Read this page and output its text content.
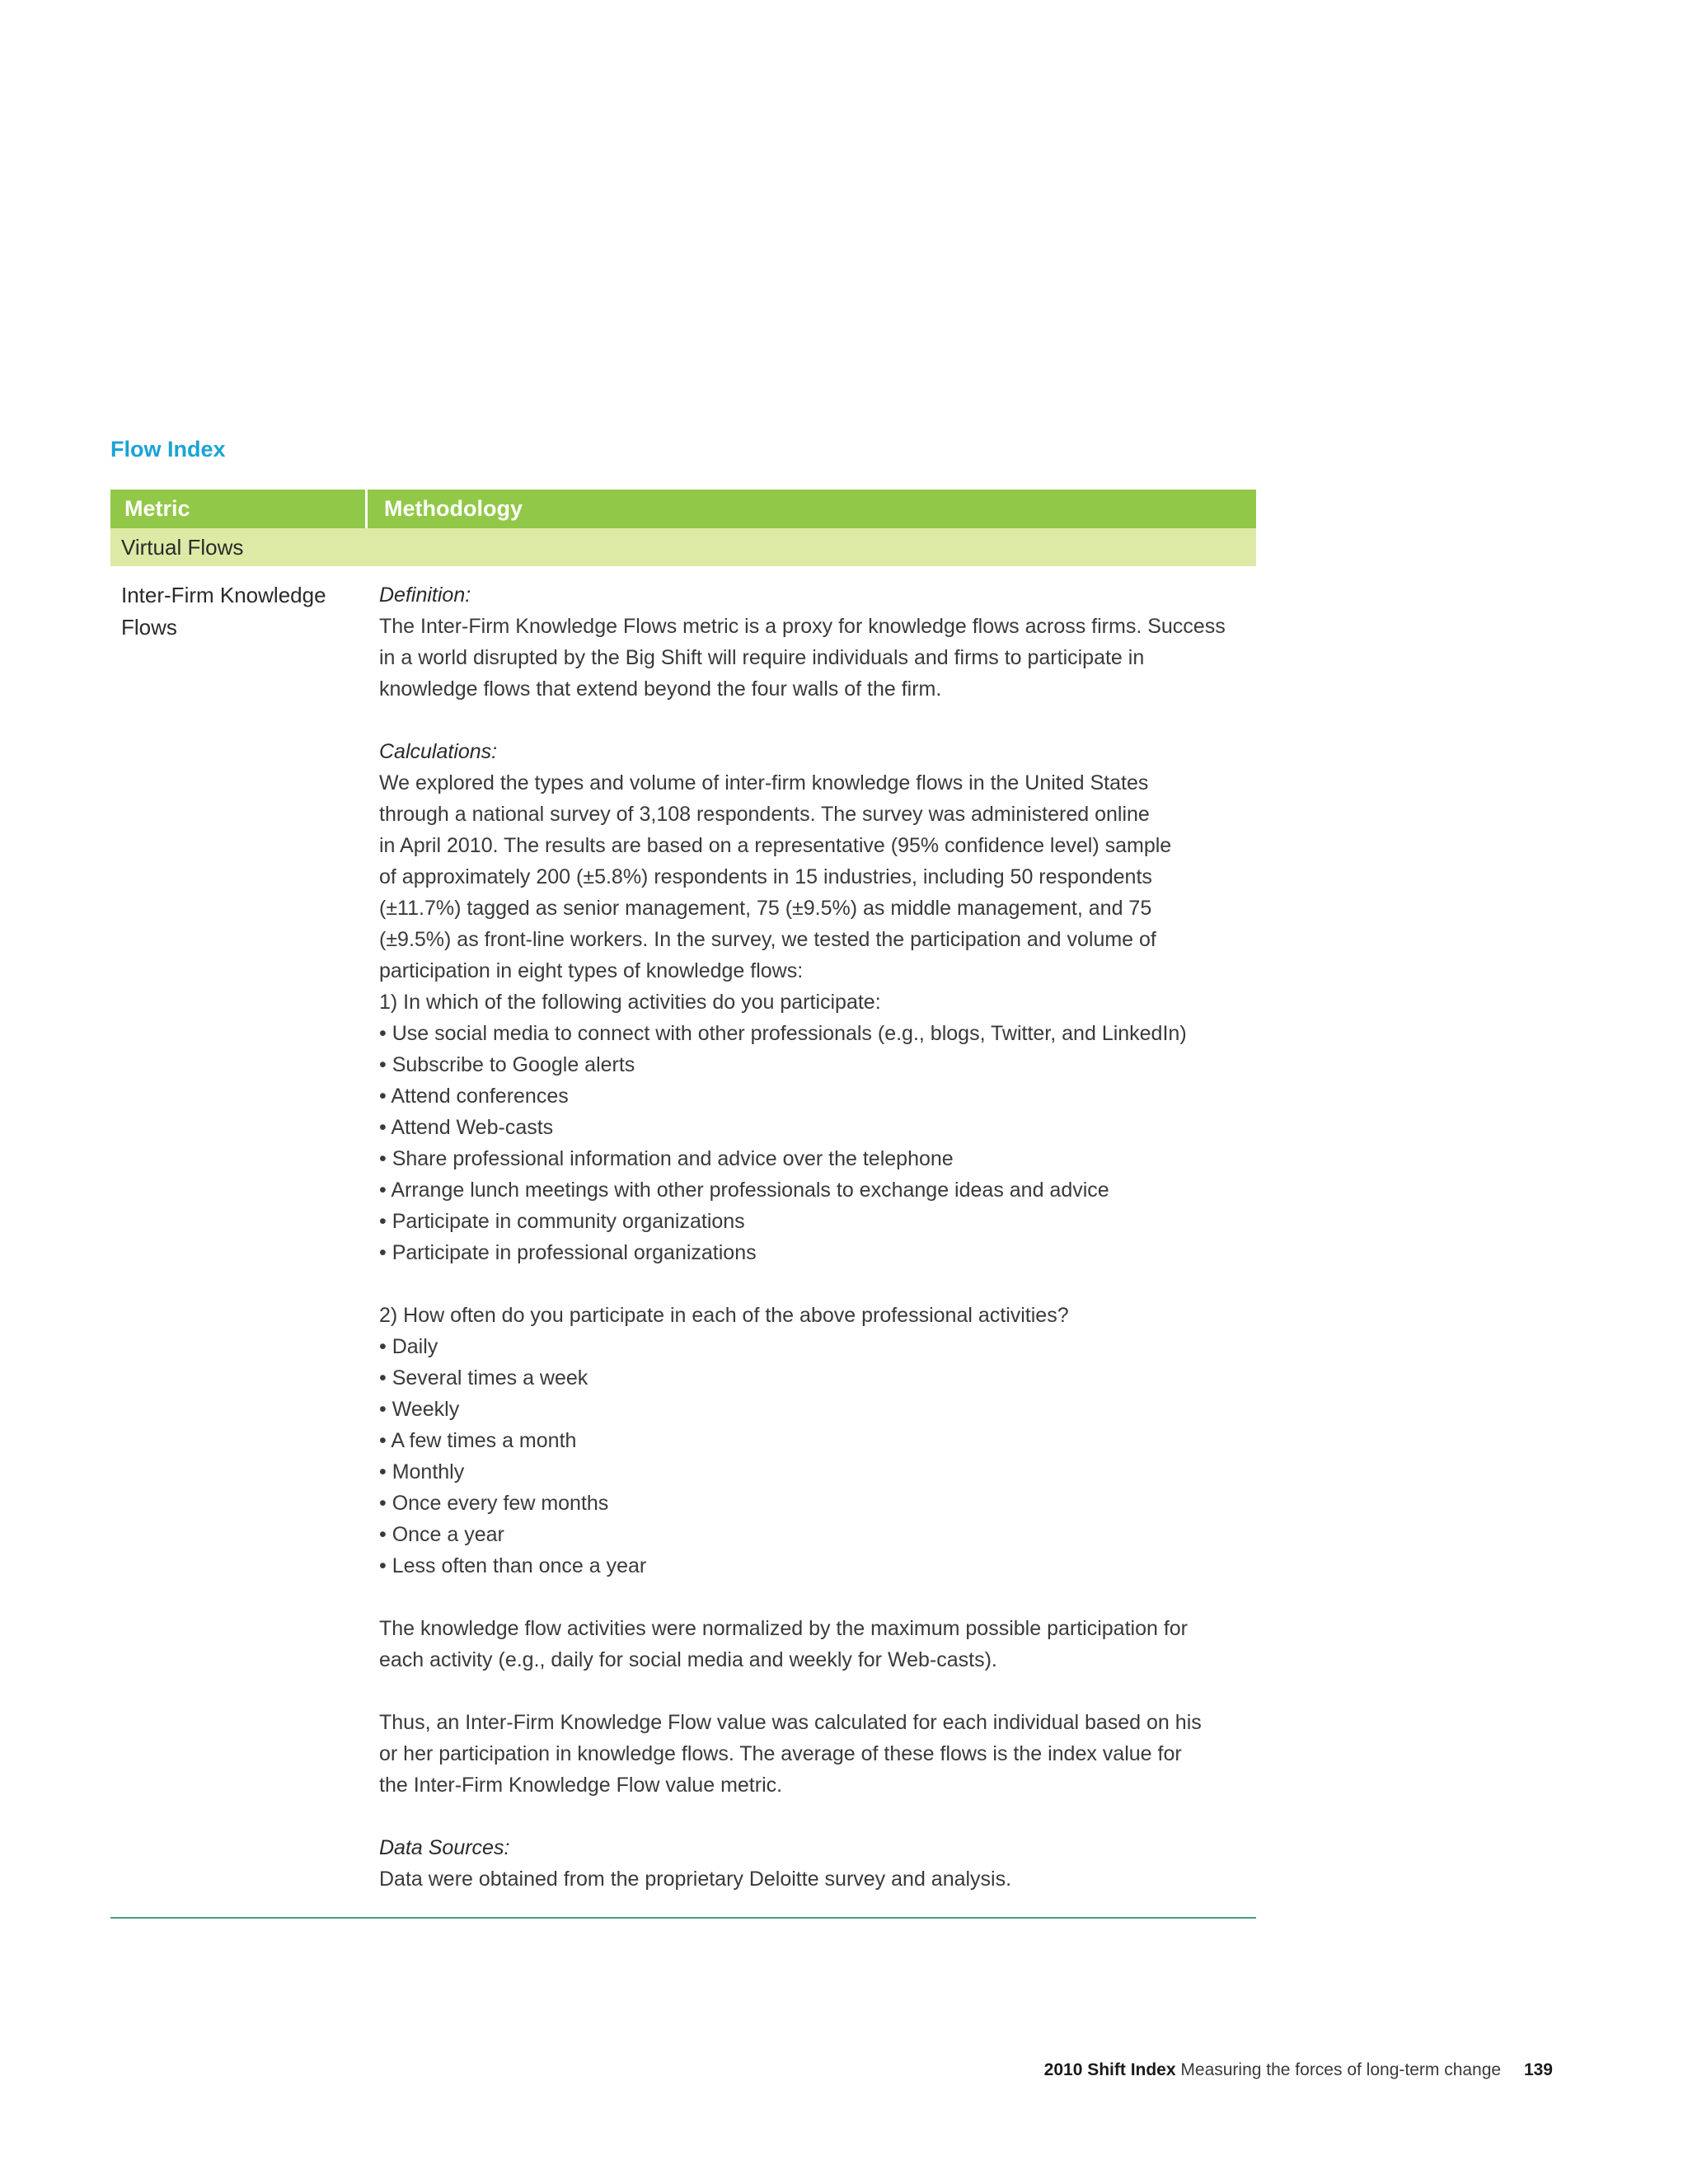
Flow Index
Metric	Methodology
Virtual Flows
Inter-Firm Knowledge
Flows
Definition:
The Inter-Firm Knowledge Flows metric is a proxy for knowledge flows across firms. Success
in a world disrupted by the Big Shift will require individuals and firms to participate in
knowledge flows that extend beyond the four walls of the firm.
Calculations:
We explored the types and volume of inter-firm knowledge flows in the United States
through a national survey of 3,108 respondents. The survey was administered online
in April 2010. The results are based on a representative (95% confidence level) sample
of approximately 200 (±5.8%) respondents in 15 industries, including 50 respondents
(±11.7%) tagged as senior management, 75 (±9.5%) as middle management, and 75
(±9.5%) as front-line workers. In the survey, we tested the participation and volume of
participation in eight types of knowledge flows:
1) In which of the following activities do you participate:
• Use social media to connect with other professionals (e.g., blogs, Twitter, and LinkedIn)
• Subscribe to Google alerts
• Attend conferences
• Attend Web-casts
• Share professional information and advice over the telephone
• Arrange lunch meetings with other professionals to exchange ideas and advice
• Participate in community organizations
• Participate in professional organizations
2) How often do you participate in each of the above professional activities?
• Daily
• Several times a week
• Weekly
• A few times a month
• Monthly
• Once every few months
• Once a year
• Less often than once a year
The knowledge flow activities were normalized by the maximum possible participation for
each activity (e.g., daily for social media and weekly for Web-casts).
Thus, an Inter-Firm Knowledge Flow value was calculated for each individual based on his
or her participation in knowledge flows. The average of these flows is the index value for
the Inter-Firm Knowledge Flow value metric.
Data Sources:
Data were obtained from the proprietary Deloitte survey and analysis.
2010 Shift Index Measuring the forces of long-term change 139
